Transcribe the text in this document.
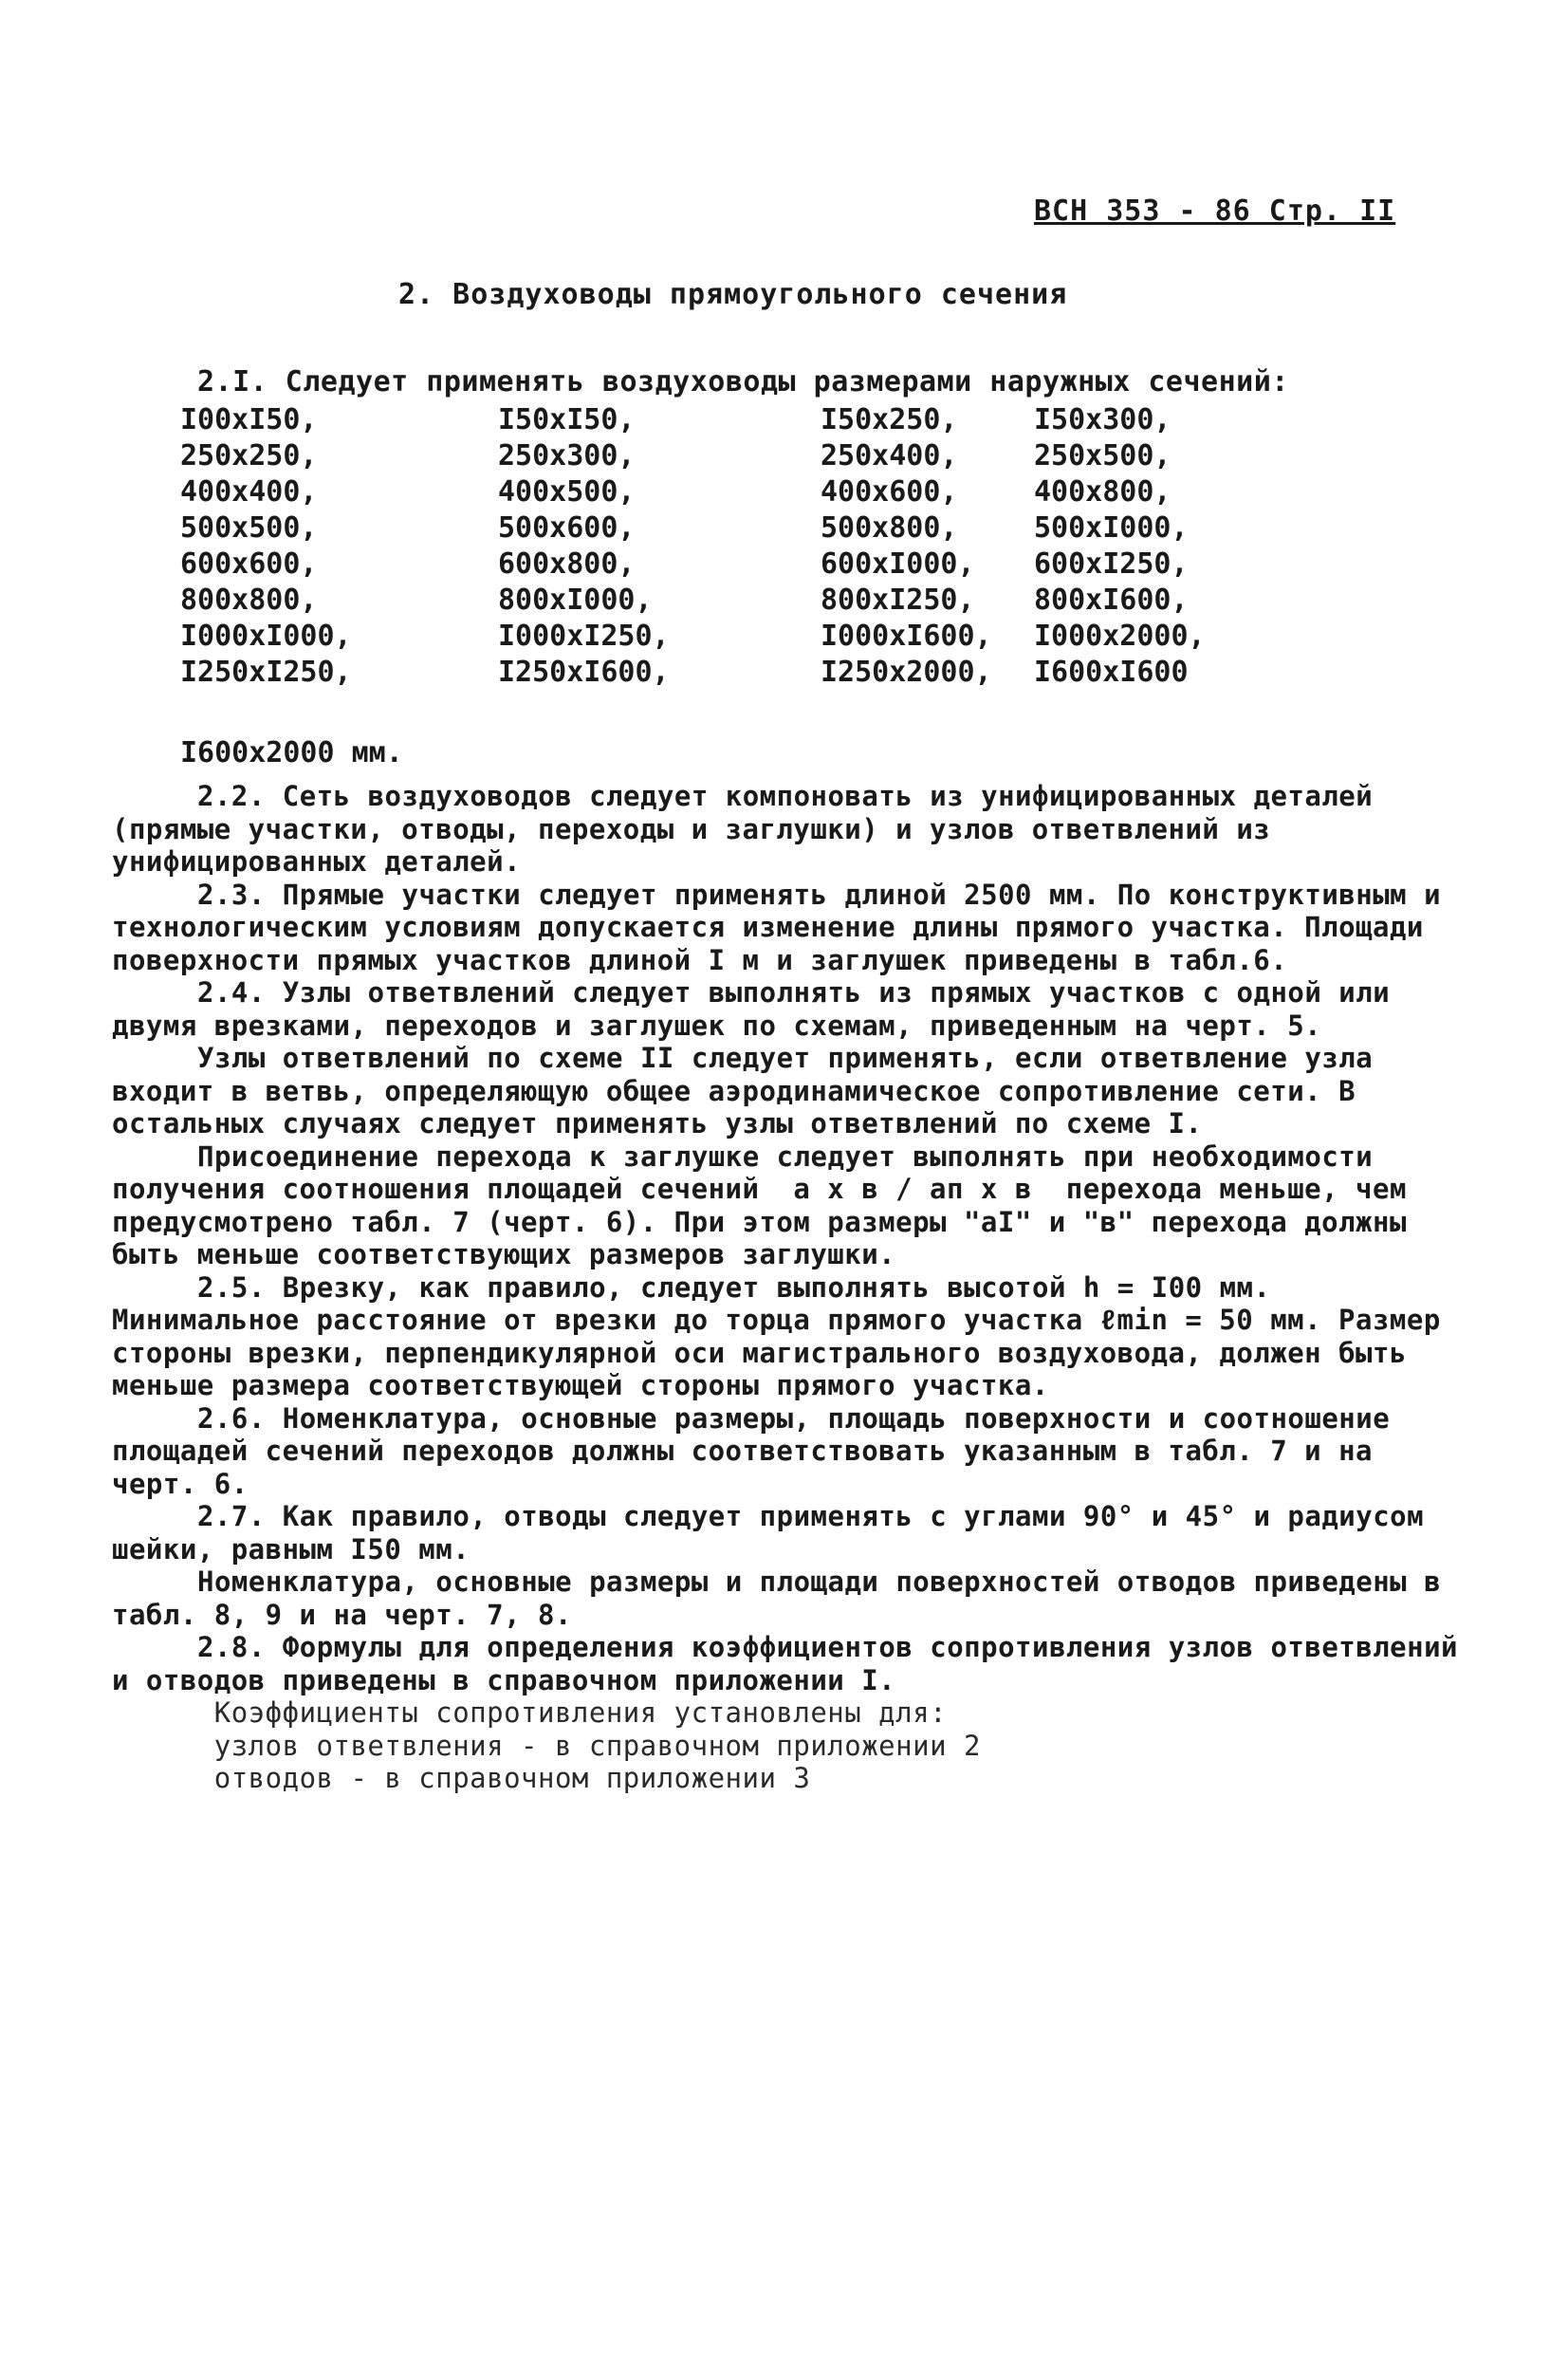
ВСН 353 - 86 Стр. II
2. Воздуховоды прямоугольного сечения
2.I. Следует применять воздуховоды размерами наружных сечений:
I00xI50,	I50xI50,	I50x250,	I50x300,
250x250,	250x300,	250x400,	250x500,
400x400,	400x500,	400x600,	400x800,
500x500,	500x600,	500x800,	500xI000,
600x600,	600x800,	600xI000,	600xI250,
800x800,	800xI000,	800xI250,	800xI600,
I000xI000,	I000xI250,	I000xI600,	I000x2000,
I250xI250,	I250xI600,	I250x2000,	I600xI600
I600x2000 мм.

2.2. Сеть воздуховодов следует компоновать из унифицированных деталей (прямые участки, отводы, переходы и заглушки) и узлов ответвлений из унифицированных деталей.

2.3. Прямые участки следует применять длиной 2500 мм. По конструктивным и технологическим условиям допускается изменение длины прямого участка. Площади поверхности прямых участков длиной I м и заглушек приведены в табл.6.

2.4. Узлы ответвлений следует выполнять из прямых участков с одной или двумя врезками, переходов и заглушек по схемам, приведенным на черт. 5.

Узлы ответвлений по схеме II следует применять, если ответвление узла входит в ветвь, определяющую общее аэродинамическое сопротивление сети. В остальных случаях следует применять узлы ответвлений по схеме I.

Присоединение перехода к заглушке следует выполнять при необходимости получения соотношения площадей сечений  a x в / aп x в  перехода меньше, чем предусмотрено табл. 7 (черт. 6). При этом размеры "aI" и "в" перехода должны быть меньше соответствующих размеров заглушки.

2.5. Врезку, как правило, следует выполнять высотой h = I00 мм. Минимальное расстояние от врезки до торца прямого участка ℓmin = 50 мм. Размер стороны врезки, перпендикулярной оси магистрального воздуховода, должен быть меньше размера соответствующей стороны прямого участка.

2.6. Номенклатура, основные размеры, площадь поверхности и соотношение площадей сечений переходов должны соответствовать указанным в табл. 7 и на черт. 6.

2.7. Как правило, отводы следует применять с углами 90° и 45° и радиусом шейки, равным I50 мм.

Номенклатура, основные размеры и площади поверхностей отводов приведены в табл. 8, 9 и на черт. 7, 8.

2.8. Формулы для определения коэффициентов сопротивления узлов ответвлений и отводов приведены в справочном приложении I.

Коэффициенты сопротивления установлены для:

узлов ответвления - в справочном приложении 2

отводов - в справочном приложении 3
